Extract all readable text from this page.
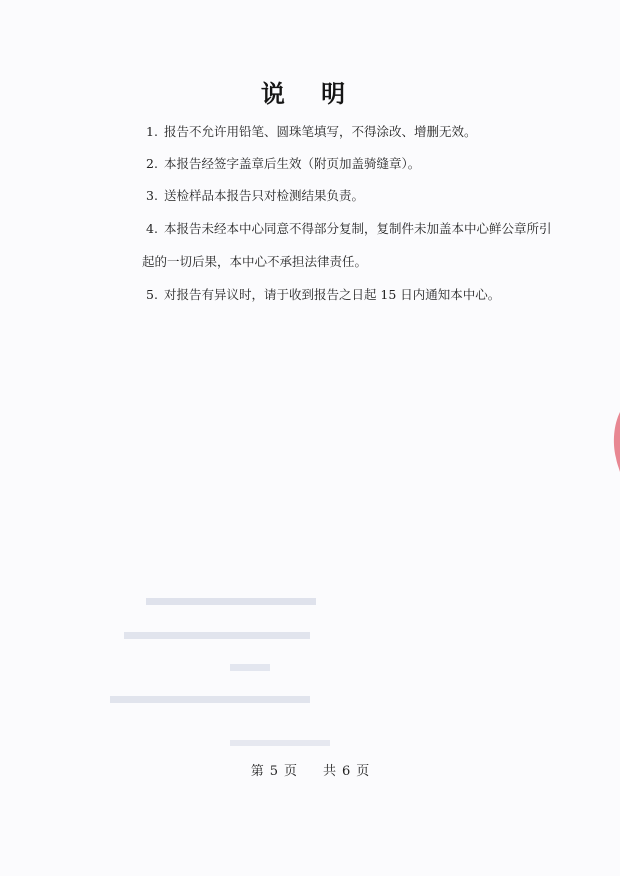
说 明
1. 报告不允许用铅笔、圆珠笔填写，不得涂改、增删无效。
2. 本报告经签字盖章后生效（附页加盖骑缝章）。
3. 送检样品本报告只对检测结果负责。
4. 本报告未经本中心同意不得部分复制，复制件未加盖本中心鲜公章所引
起的一切后果，本中心不承担法律责任。
5. 对报告有异议时，请于收到报告之日起 15 日内通知本中心。
第 5 页 共 6 页
